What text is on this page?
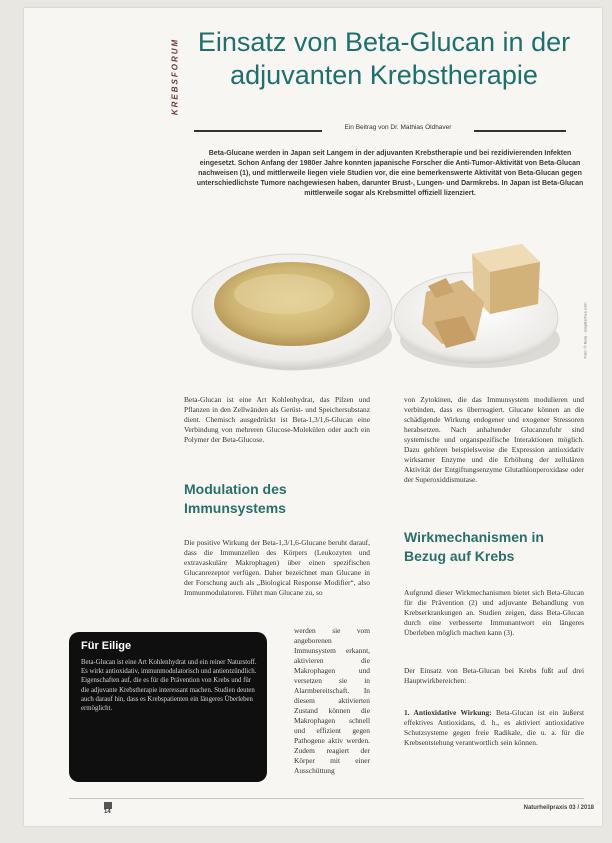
KREBSFORUM Einsatz von Beta-Glucan in der adjuvanten Krebstherapie
Ein Beitrag von Dr. Mathias Oldhaver

Beta-Glucane werden in Japan seit Langem in der adjuvanten Krebstherapie und bei rezidivierenden Infekten eingesetzt. Schon Anfang der 1980er Jahre konnten japanische Forscher die Anti-Tumor-Aktivität von Beta-Glucan nachweisen (1), und mittlerweile liegen viele Studien vor, die eine bemerkenswerte Aktivität von Beta-Glucan gegen unterschiedlichste Tumore nachgewiesen haben, darunter Brust-, Lungen- und Darmkrebs. In Japan ist Beta-Glucan mittlerweile sogar als Krebsmittel offiziell lizenziert.

Foto: © Beta · aseptisches.com

Beta-Glucan ist eine Art Kohlenhydrat, das Pilzen und Pflanzen in den Zellwänden als Gerüst- und Speichersubstanz dient. Chemisch ausgedrückt ist Beta-1,3/1,6-Glucan eine Verbindung von mehreren Glucose-Molekülen oder auch ein Polymer der Beta-Glucose.

Modulation des Immunsystems

Die positive Wirkung der Beta-1,3/1,6-Glucane beruht darauf, dass die Immunzellen des Körpers (Leukozyten und extravaskuläre Makrophagen) über einen spezifischen Glucanrezeptor verfügen. Daher bezeichnet man Glucane in der Forschung auch als „Biological Response Modifier“, also Immunmodulatoren. Führt man Glucane zu, so

werden sie vom angeborenen Immunsystem erkannt, aktivieren die Makrophagen und versetzen sie in Alarmbereitschaft. In diesem aktivierten Zustand können die Makrophagen schnell und effizient gegen Pathogene aktiv werden. Zudem reagiert der Körper mit einer Ausschüttung

von Zytokinen, die das Immunsystem modulieren und verbinden, dass es überreagiert. Glucane können an die schädigende Wirkung endogener und exogener Stressoren herabsetzen. Nach anhaltender Glucanzufuhr sind systemische und organspezifische Interaktionen möglich. Dazu gehören beispielsweise die Expression antioxidativ wirksamer Enzyme und die Erhöhung der zellulären Aktivität der Entgiftungsenzyme Glutathionperoxidase oder der Superoxiddismutase.

Wirkmechanismen in Bezug auf Krebs

Aufgrund dieser Wirkmechanismen bietet sich Beta-Glucan für die Prävention (2) und adjuvante Behandlung von Krebserkrankungen an. Studien zeigen, dass Beta-Glucan durch eine verbesserte Immunantwort ein längeres Überleben möglich machen kann (3).

Der Einsatz von Beta-Glucan bei Krebs fußt auf drei Hauptwirkbereichen:

1. Antioxidative Wirkung: Beta-Glucan ist ein äußerst effektives Antioxidans, d. h., es aktiviert antioxidative Schutzsysteme gegen freie Radikale, die u. a. für die Krebsentstehung verantwortlich sein können.

Für Eilige
Beta-Glucan ist eine Art Kohlenhydrat und ein reiner Naturstoff. Es wirkt antioxidativ, immunmodulatorisch und antientzündlich. Eigenschaften auf, die es für die Prävention von Krebs und für die adjuvante Krebstherapie interessant machen. Studien deuten auch darauf hin, dass es Krebspatienten ein längeres Überleben ermöglicht.
14
Naturheilpraxis 03 / 2018
